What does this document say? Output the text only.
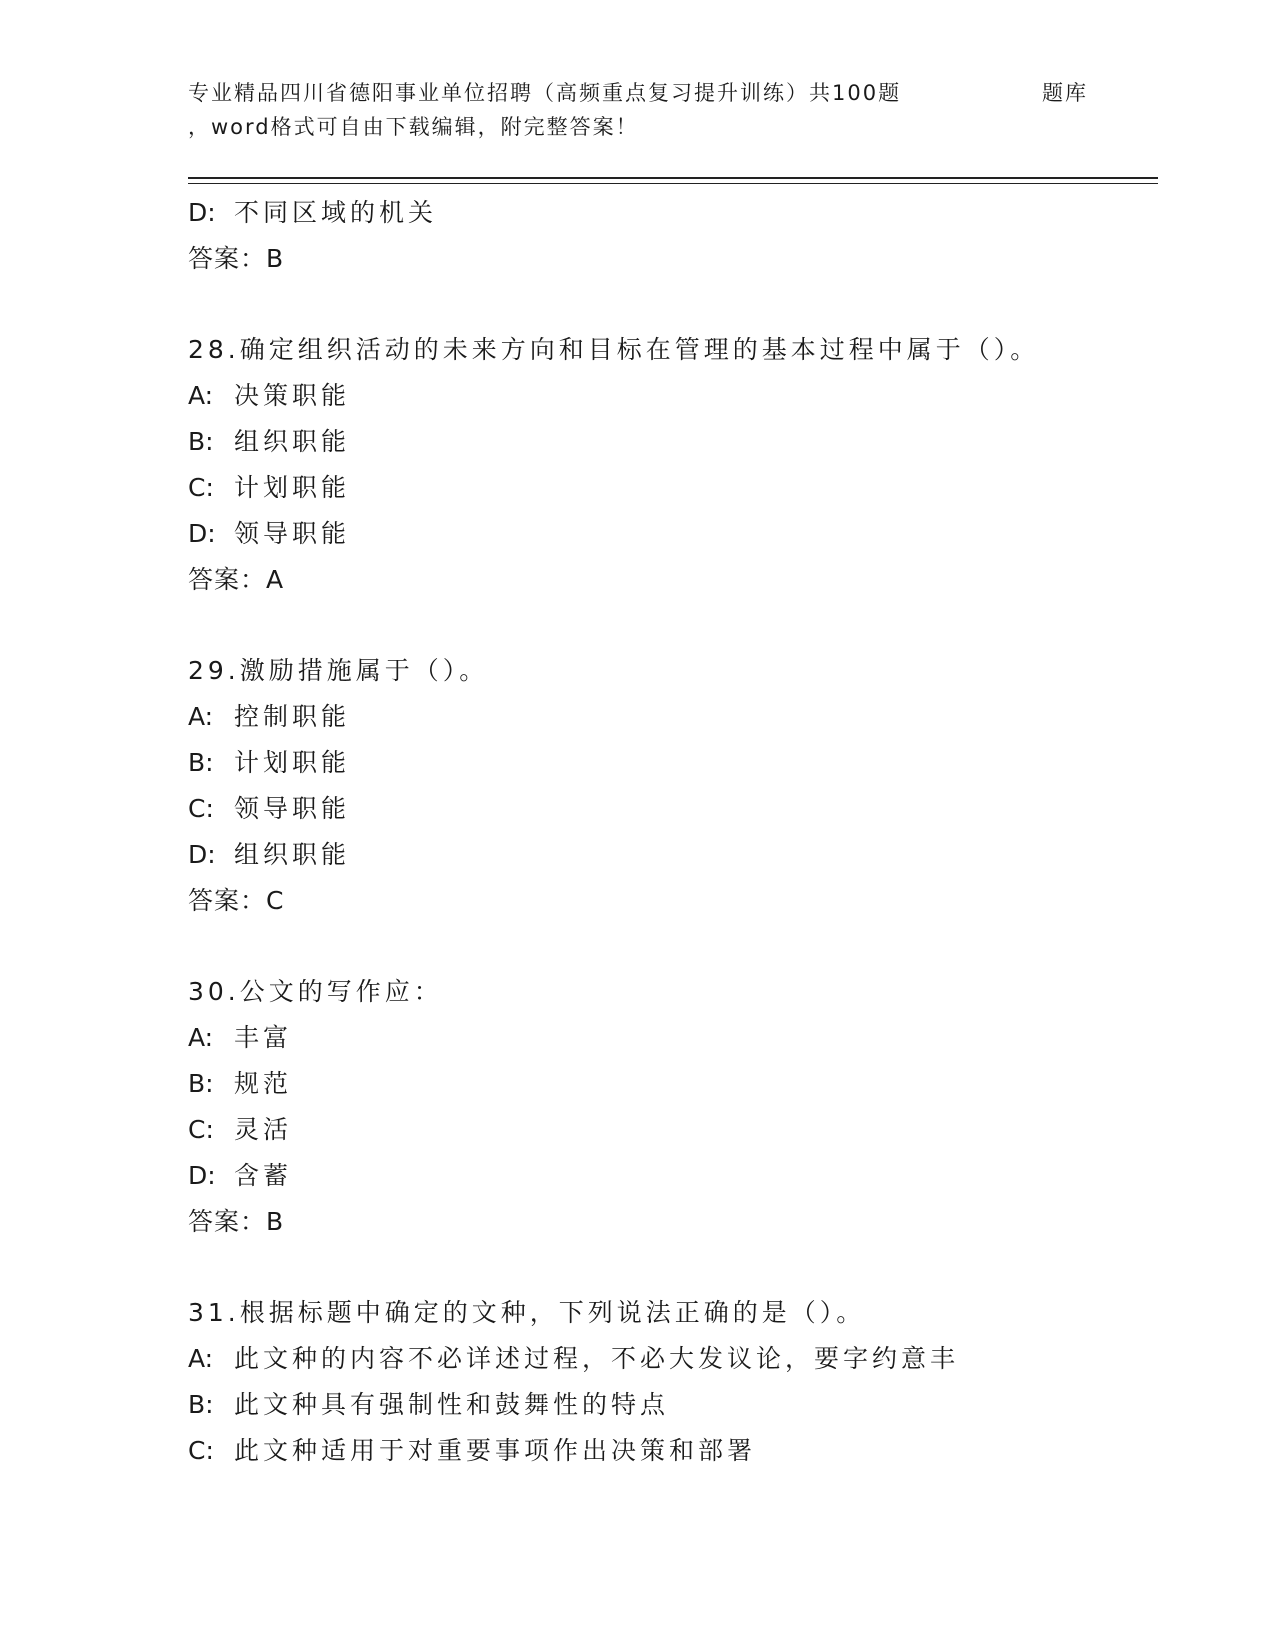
专业精品四川省德阳事业单位招聘（高频重点复习提升训练）共100题	题库
，word格式可自由下载编辑，附完整答案！
D: 不同区域的机关
答案：B
28.确定组织活动的未来方向和目标在管理的基本过程中属于（）。
A: 决策职能
B: 组织职能
C: 计划职能
D: 领导职能
答案：A
29.激励措施属于（）。
A: 控制职能
B: 计划职能
C: 领导职能
D: 组织职能
答案：C
30.公文的写作应：
A: 丰富
B: 规范
C: 灵活
D: 含蓄
答案：B
31.根据标题中确定的文种，下列说法正确的是（）。
A: 此文种的内容不必详述过程，不必大发议论，要字约意丰
B: 此文种具有强制性和鼓舞性的特点
C: 此文种适用于对重要事项作出决策和部署
